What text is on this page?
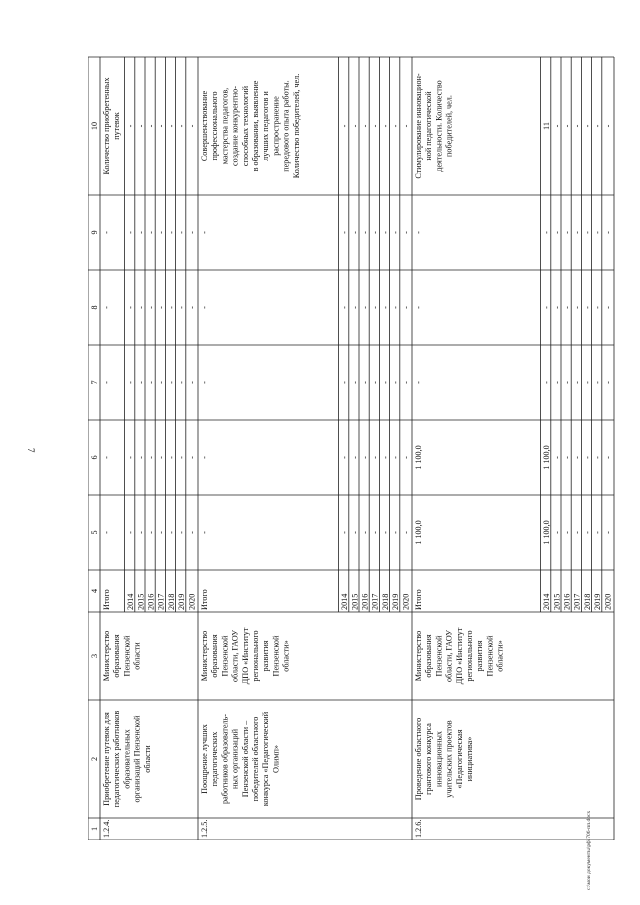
7
c:\мои документы\рф\706-пп.docx
1
2
3
4
5
6
7
8
9
10
1.2.4.
Приобретение путевок для педагогических работников образовательных организаций Пензенской области
Министерство образования Пензенской области
Итого
-
-
-
-
-
Количество приобретенных путевок
2014
-
-
-
-
-
-
2015
-
-
-
-
-
-
2016
-
-
-
-
-
-
2017
-
-
-
-
-
-
2018
-
-
-
-
-
-
2019
-
-
-
-
-
-
2020
-
-
-
-
-
-
1.2.5.
Поощрение лучших педагогических работников образователь- ных организаций Пензенской области – победителей областного конкурса «Педагогический Олимп»
Министерство образования Пензенской области, ГАОУ ДПО «Институт регионального развития Пензенской области»
Итого
-
-
-
-
-
Совершенствование профессионального мастерства педагогов, создание конкурентно- способных технологий в образовании, выявление лучших педагогов и распространение передового опыта работы. Количество победителей, чел.
2014
-
-
-
-
-
-
2015
-
-
-
-
-
-
2016
-
-
-
-
-
-
2017
-
-
-
-
-
-
2018
-
-
-
-
-
-
2019
-
-
-
-
-
-
2020
-
-
-
-
-
-
1.2.6.
Проведение областного грантового конкурса инновационных учительских проектов «Педагогическая инициатива»
Министерство образования Пензенской области, ГАОУ ДПО «Институт регионального развития Пензенской области»
Итого
1 100,0
1 100,0
-
-
-
Стимулирование инновацион- ной педагогической деятельности. Количество победителей, чел.
2014
1 100,0
1 100,0
-
-
-
11
2015
-
-
-
-
-
-
2016
-
-
-
-
-
-
2017
-
-
-
-
-
-
2018
-
-
-
-
-
-
2019
-
-
-
-
-
-
2020
-
-
-
-
-
-
